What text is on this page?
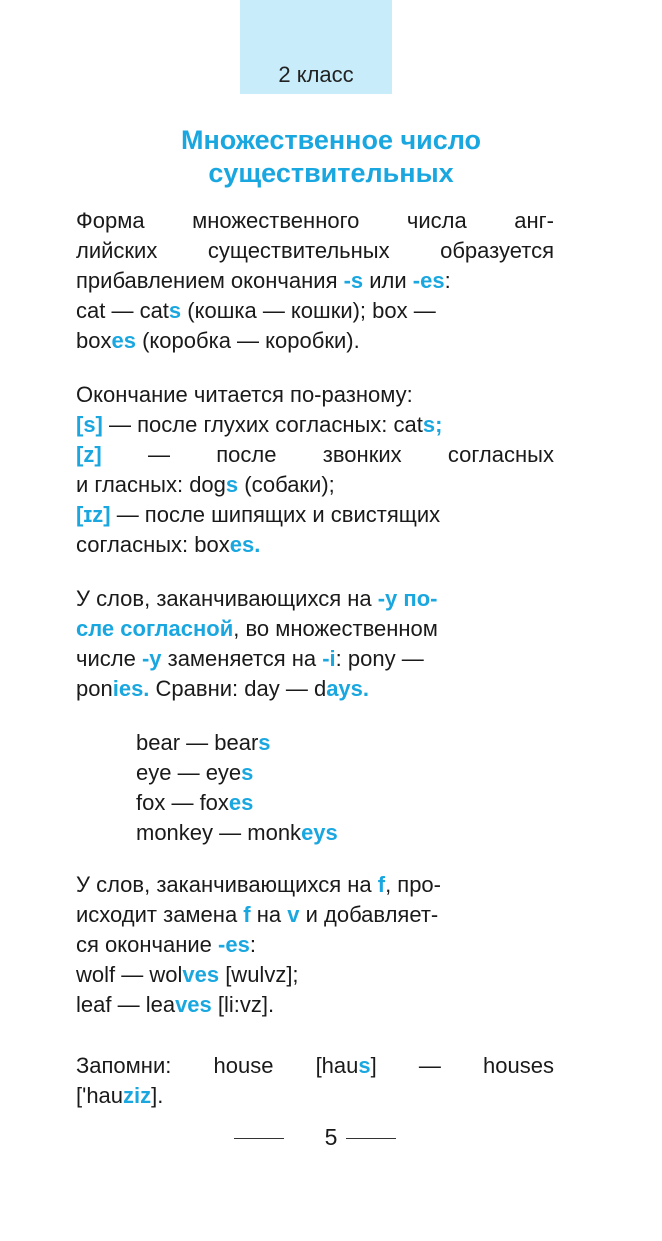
2 класс
Множественное число
существительных
Форма множественного числа анг-
лийских существительных образуется
прибавлением окончания -s или -es:
cat — cats (кошка — кошки); box —
boxes (коробка — коробки).
Окончание читается по-разному:
[s] — после глухих согласных: cats;
[z] — после звонких согласных
и гласных: dogs (собаки);
[ɪz] — после шипящих и свистящих
согласных: boxes.
У слов, заканчивающихся на -y по-
сле согласной, во множественном
числе -y заменяется на -i: pony —
ponies. Сравни: day — days.
bear — bears
eye — eyes
fox — foxes
monkey — monkeys
У слов, заканчивающихся на f, про-
исходит замена f на v и добавляет-
ся окончание -es:
wolf — wolves [wulvz];
leaf — leaves [li:vz].
Запомни: house [haus] — houses
['hauziz].
5
